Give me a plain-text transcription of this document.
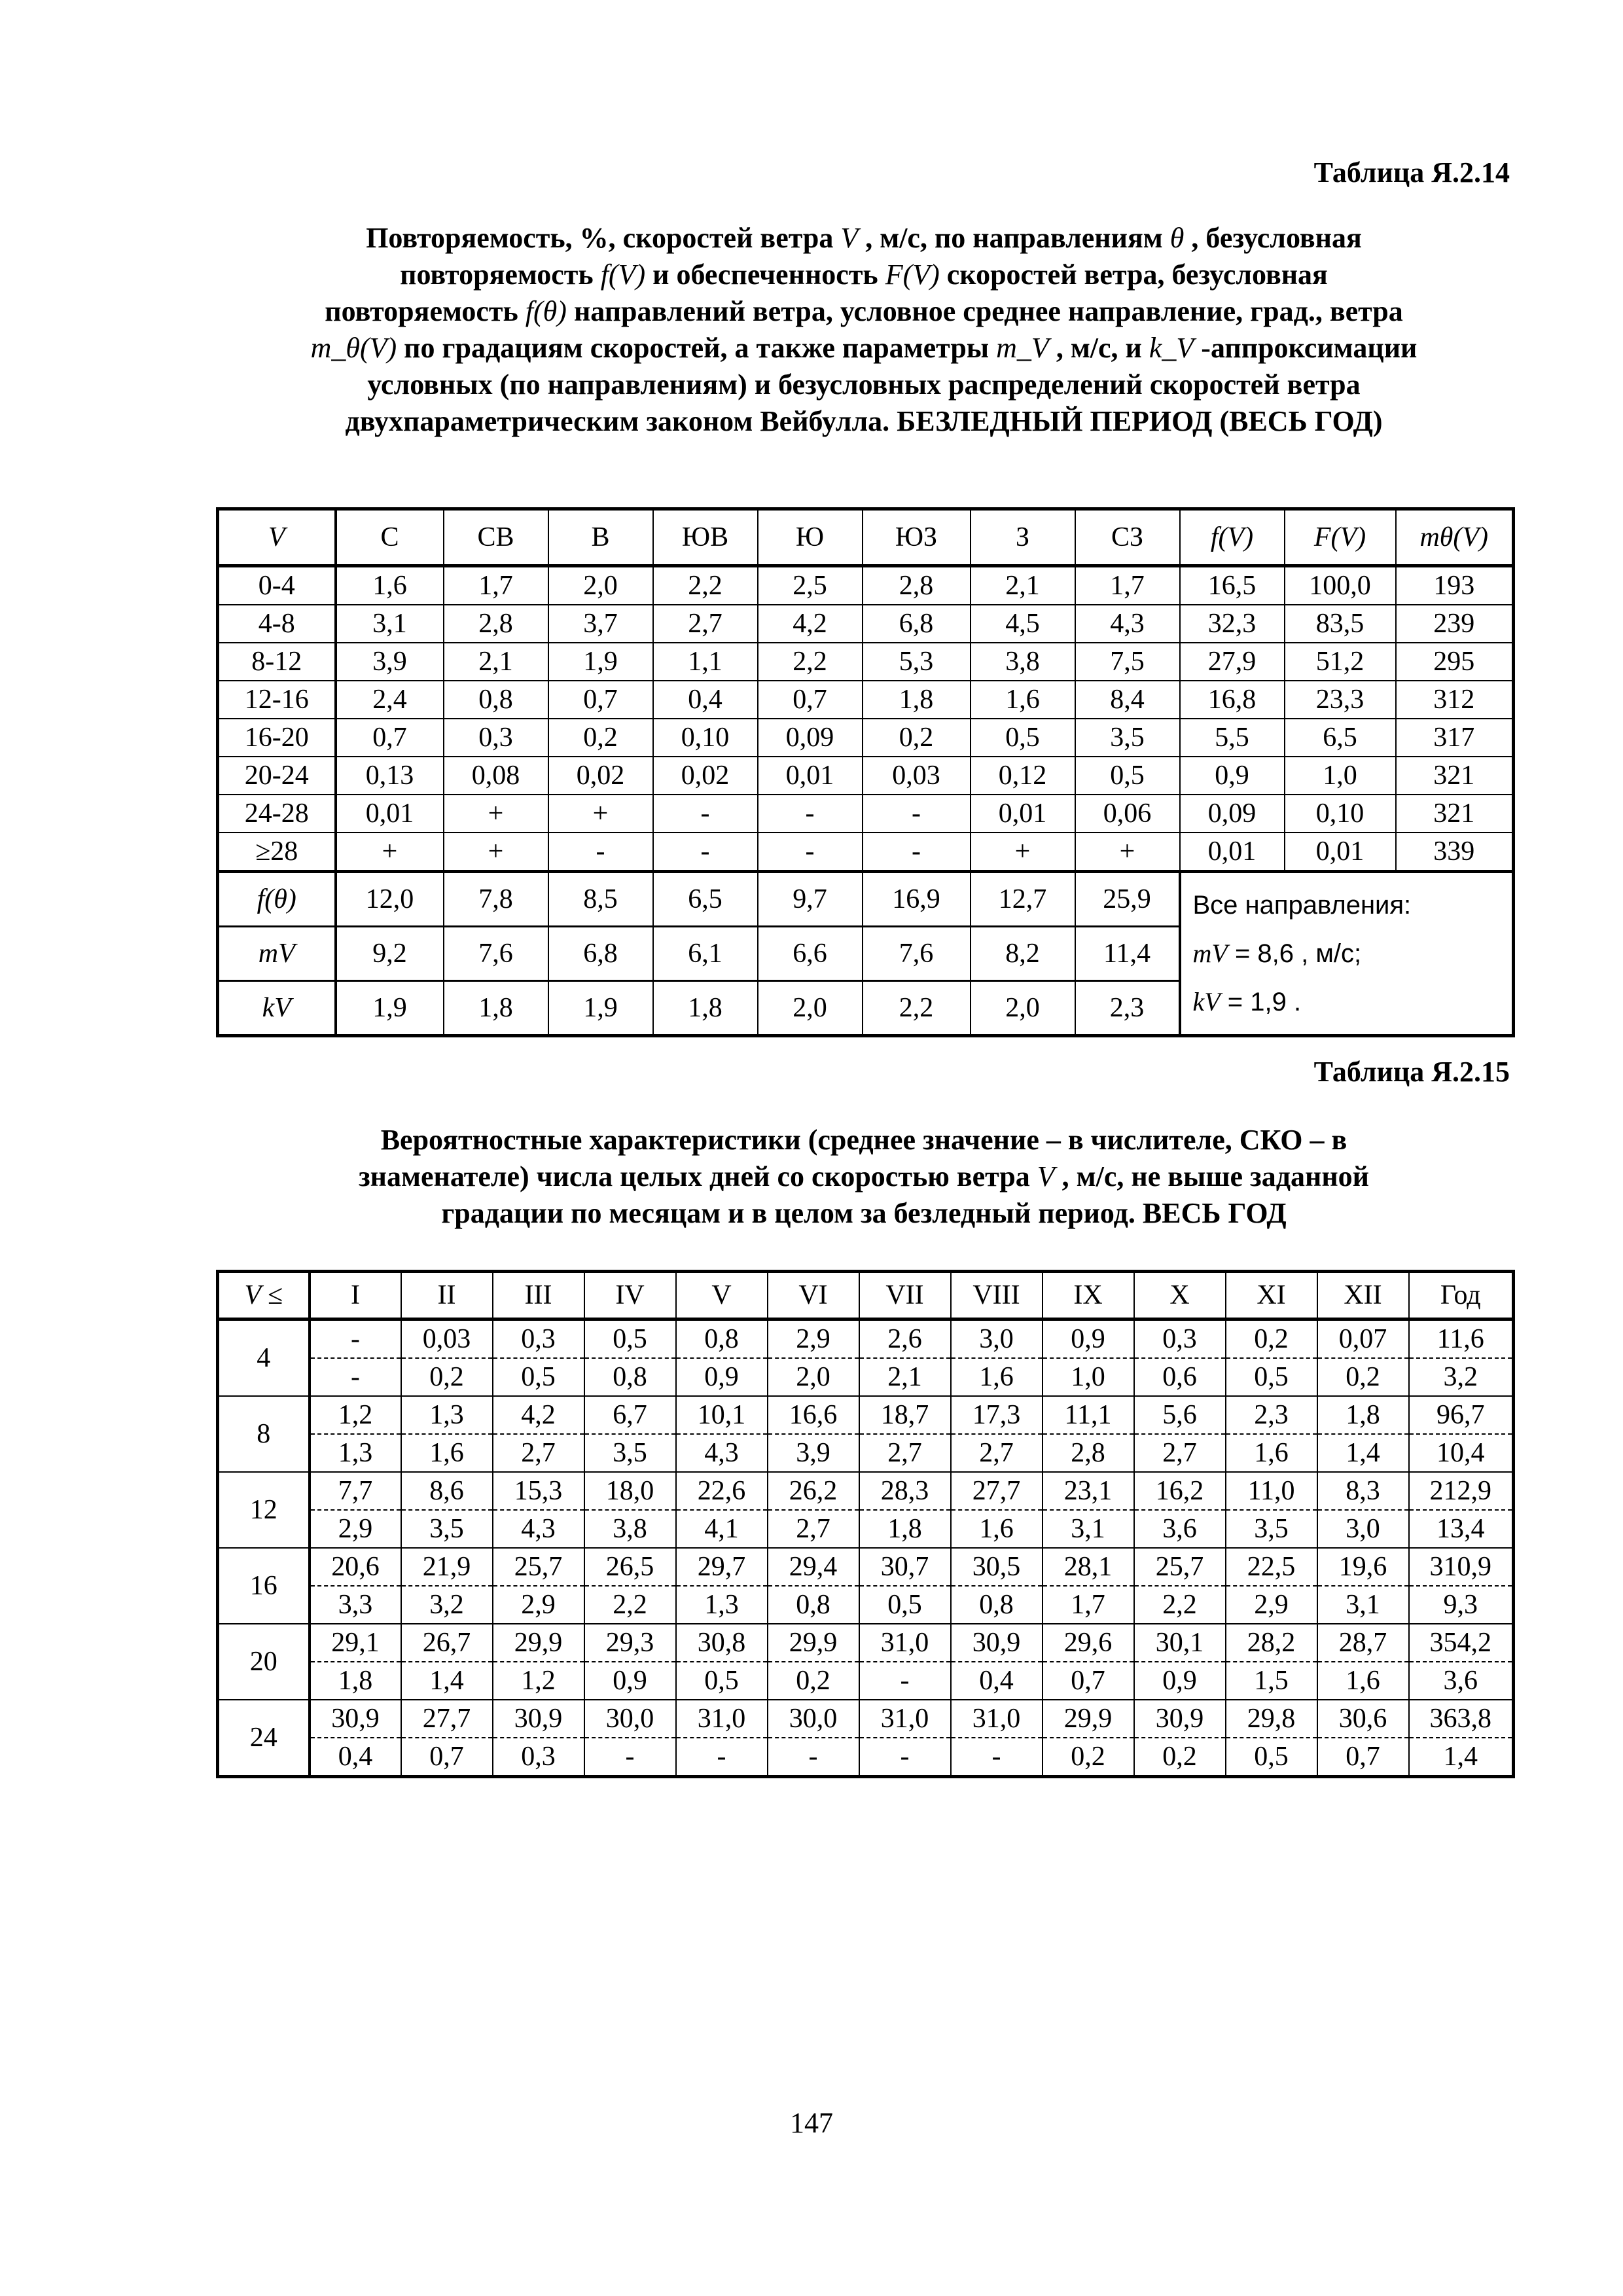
Таблица Я.2.14

Повторяемость, %, скоростей ветра V , м/с, по направлениям θ , безусловная
повторяемость f(V) и обеспеченность F(V) скоростей ветра, безусловная
повторяемость f(θ) направлений ветра, условное среднее направление, град., ветра
m_θ(V) по градациям скоростей, а также параметры m_V , м/с, и k_V -аппроксимации
условных (по направлениям) и безусловных распределений скоростей ветра
двухпараметрическим законом Вейбулла. БЕЗЛЕДНЫЙ ПЕРИОД (ВЕСЬ ГОД)
V	С	СВ	В	ЮВ	Ю	ЮЗ	З	СЗ	f(V)	F(V)	mθ(V)
0-4	1,6	1,7	2,0	2,2	2,5	2,8	2,1	1,7	16,5	100,0	193
4-8	3,1	2,8	3,7	2,7	4,2	6,8	4,5	4,3	32,3	83,5	239
8-12	3,9	2,1	1,9	1,1	2,2	5,3	3,8	7,5	27,9	51,2	295
12-16	2,4	0,8	0,7	0,4	0,7	1,8	1,6	8,4	16,8	23,3	312
16-20	0,7	0,3	0,2	0,10	0,09	0,2	0,5	3,5	5,5	6,5	317
20-24	0,13	0,08	0,02	0,02	0,01	0,03	0,12	0,5	0,9	1,0	321
24-28	0,01	+	+	-	-	-	0,01	0,06	0,09	0,10	321
≥28	+	+	-	-	-	-	+	+	0,01	0,01	339
f(θ)	12,0	7,8	8,5	6,5	9,7	16,9	12,7	25,9	Все направления:
mV = 8,6 , м/с;
kV = 1,9 .		

mV	9,2	7,6	6,8	6,1	6,6	7,6	8,2	11,4			
kV	1,9	1,8	1,9	1,8	2,0	2,2	2,0	2,3			

Таблица Я.2.15

Вероятностные характеристики (среднее значение – в числителе, СКО – в
знаменателе) числа целых дней со скоростью ветра V , м/с, не выше заданной
градации по месяцам и в целом за безледный период. ВЕСЬ ГОД
V ≤	I	II	III	IV	V	VI	VII	VIII	IX	X	XI	XII	Год
4	-	0,03	0,3	0,5	0,8	2,9	2,6	3,0	0,9	0,3	0,2	0,07	11,6
	-	0,2	0,5	0,8	0,9	2,0	2,1	1,6	1,0	0,6	0,5	0,2	3,2
8	1,2	1,3	4,2	6,7	10,1	16,6	18,7	17,3	11,1	5,6	2,3	1,8	96,7
	1,3	1,6	2,7	3,5	4,3	3,9	2,7	2,7	2,8	2,7	1,6	1,4	10,4
12	7,7	8,6	15,3	18,0	22,6	26,2	28,3	27,7	23,1	16,2	11,0	8,3	212,9
	2,9	3,5	4,3	3,8	4,1	2,7	1,8	1,6	3,1	3,6	3,5	3,0	13,4
16	20,6	21,9	25,7	26,5	29,7	29,4	30,7	30,5	28,1	25,7	22,5	19,6	310,9
	3,3	3,2	2,9	2,2	1,3	0,8	0,5	0,8	1,7	2,2	2,9	3,1	9,3
20	29,1	26,7	29,9	29,3	30,8	29,9	31,0	30,9	29,6	30,1	28,2	28,7	354,2
	1,8	1,4	1,2	0,9	0,5	0,2	-	0,4	0,7	0,9	1,5	1,6	3,6
24	30,9	27,7	30,9	30,0	31,0	30,0	31,0	31,0	29,9	30,9	29,8	30,6	363,8
	0,4	0,7	0,3	-	-	-	-	-	0,2	0,2	0,5	0,7	1,4

147
